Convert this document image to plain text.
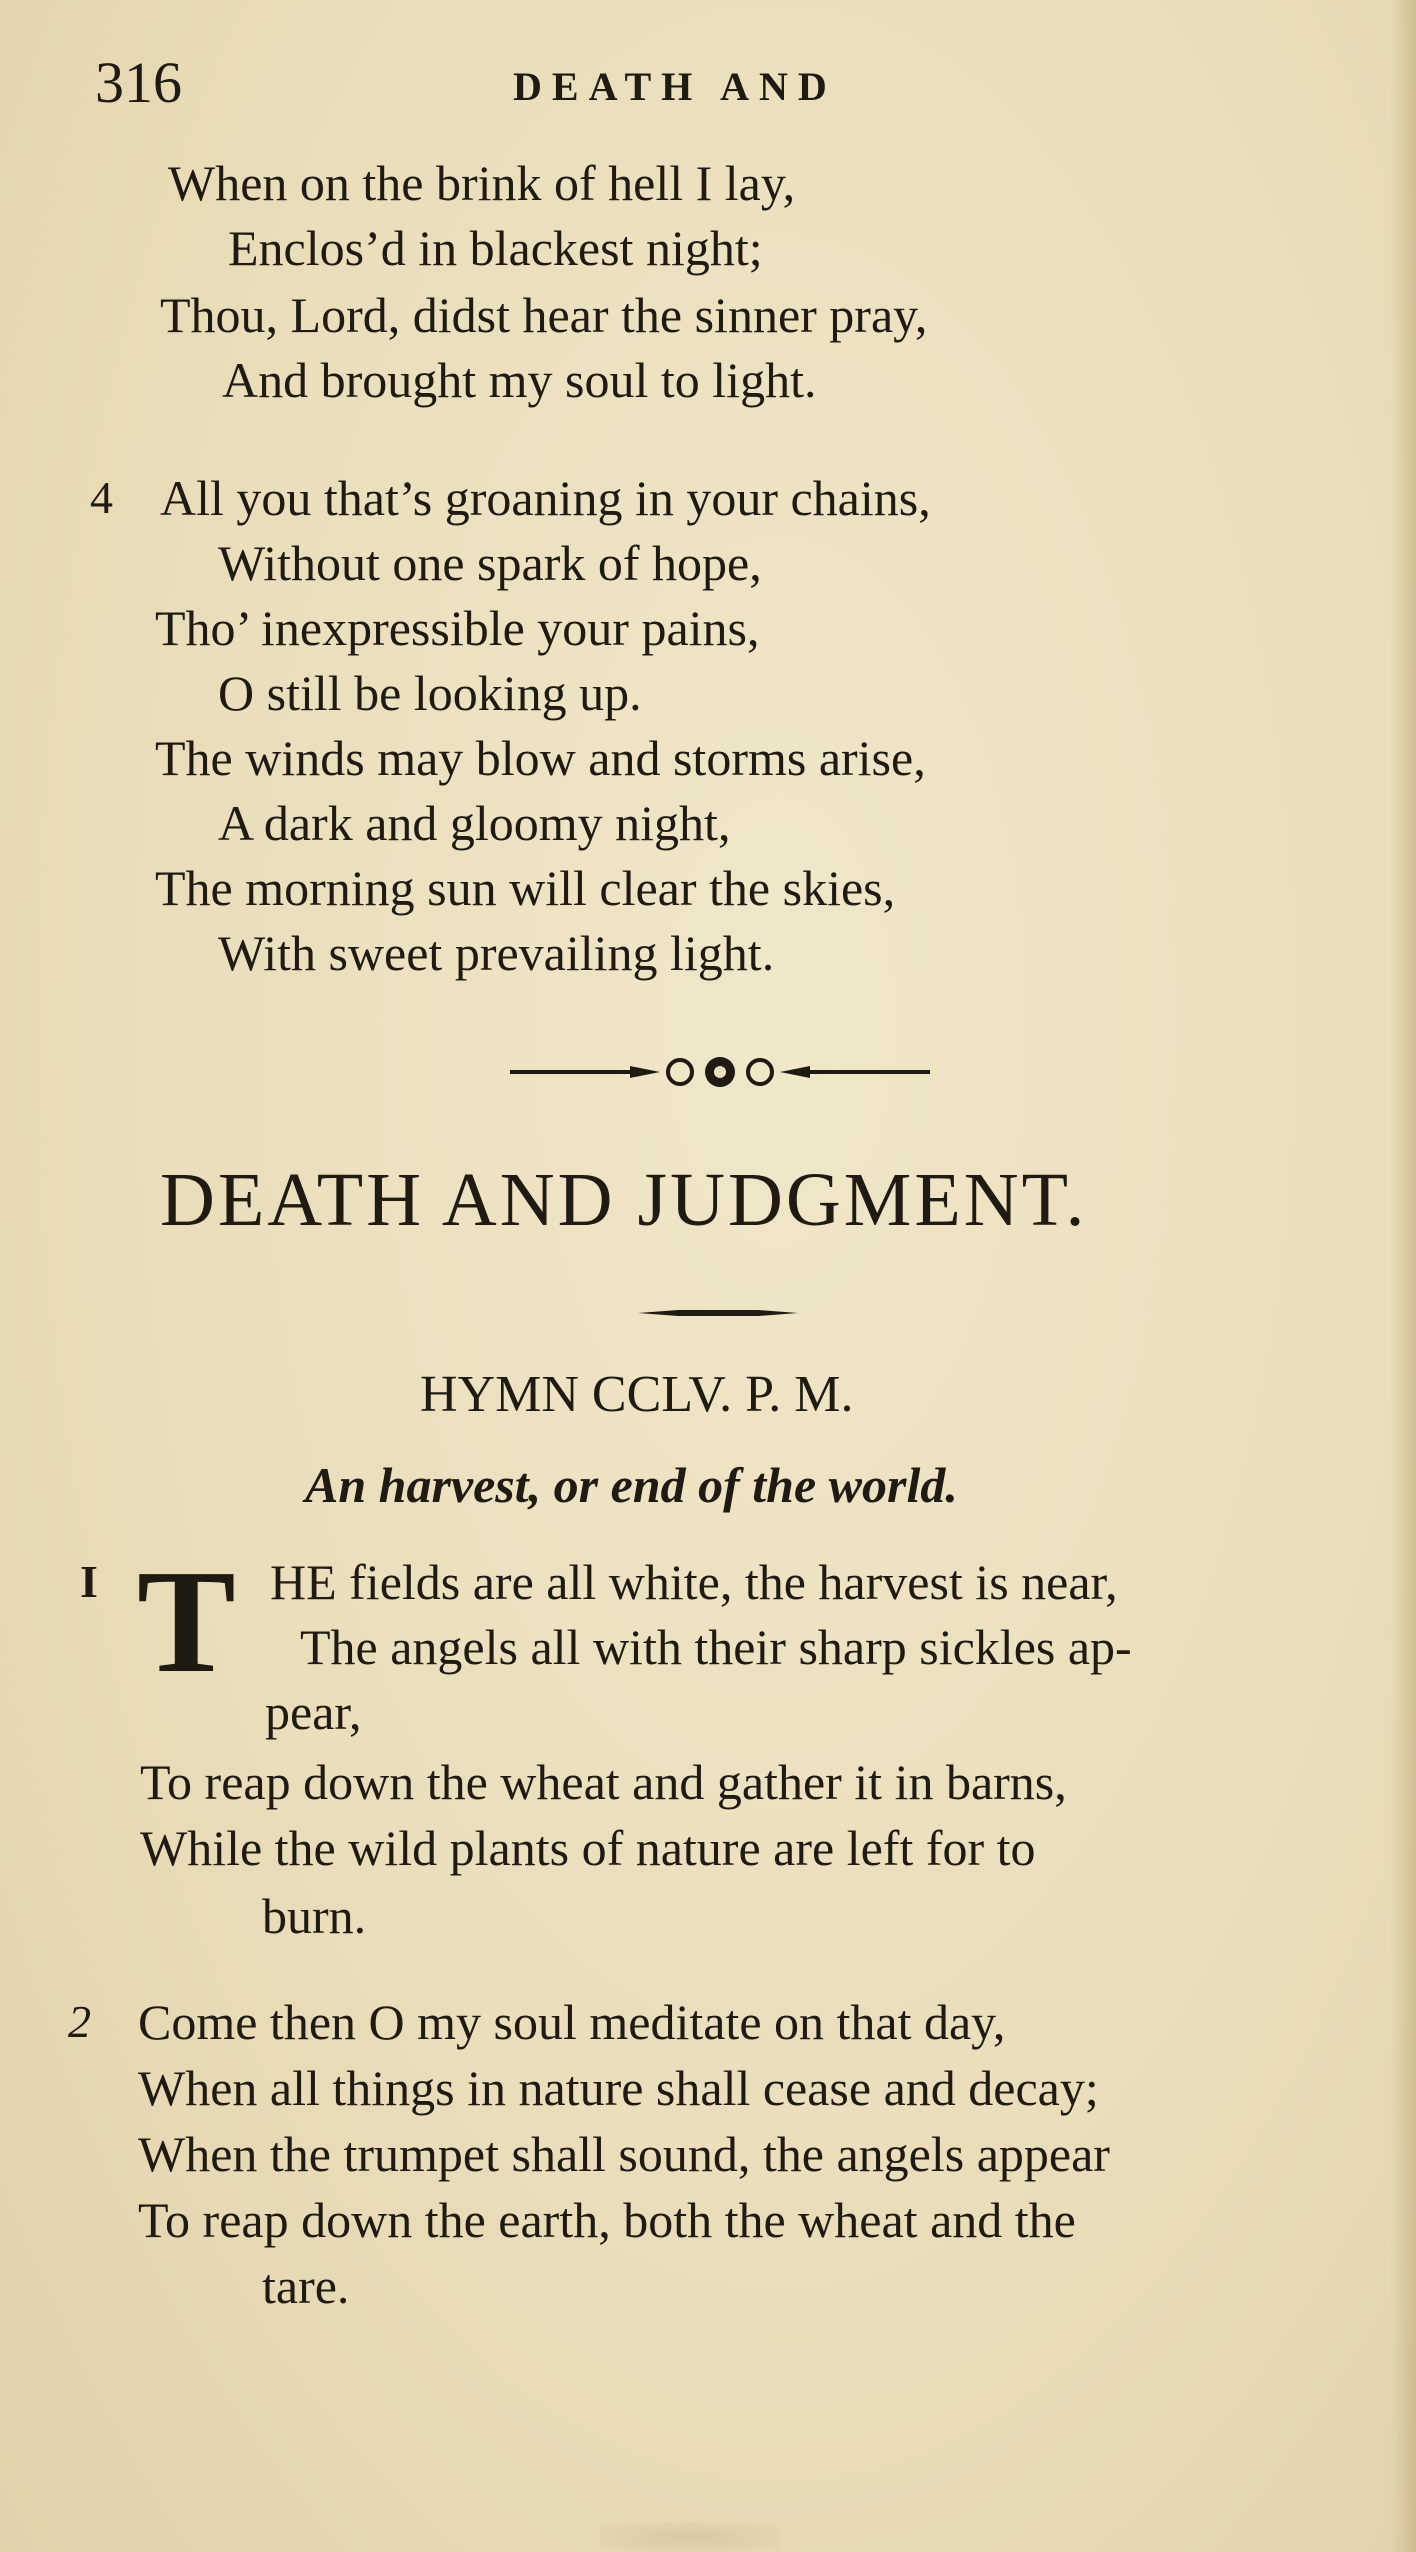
316	DEATH AND
When on the brink of hell I lay,
Enclos’d in blackest night;
Thou, Lord, didst hear the sinner pray,
And brought my soul to light.
4 All you that’s groaning in your chains,
Without one spark of hope,
Tho’ inexpressible your pains,
O still be looking up.
The winds may blow and storms arise,
A dark and gloomy night,
The morning sun will clear the skies,
With sweet prevailing light.
DEATH AND JUDGMENT.
HYMN CCLV. P. M.
An harvest, or end of the world.
I T HE fields are all white, the harvest is near,
The angels all with their sharp sickles ap-
pear,
To reap down the wheat and gather it in barns,
While the wild plants of nature are left for to
burn.
2 Come then O my soul meditate on that day,
When all things in nature shall cease and decay;
When the trumpet shall sound, the angels appear
To reap down the earth, both the wheat and the
tare.
